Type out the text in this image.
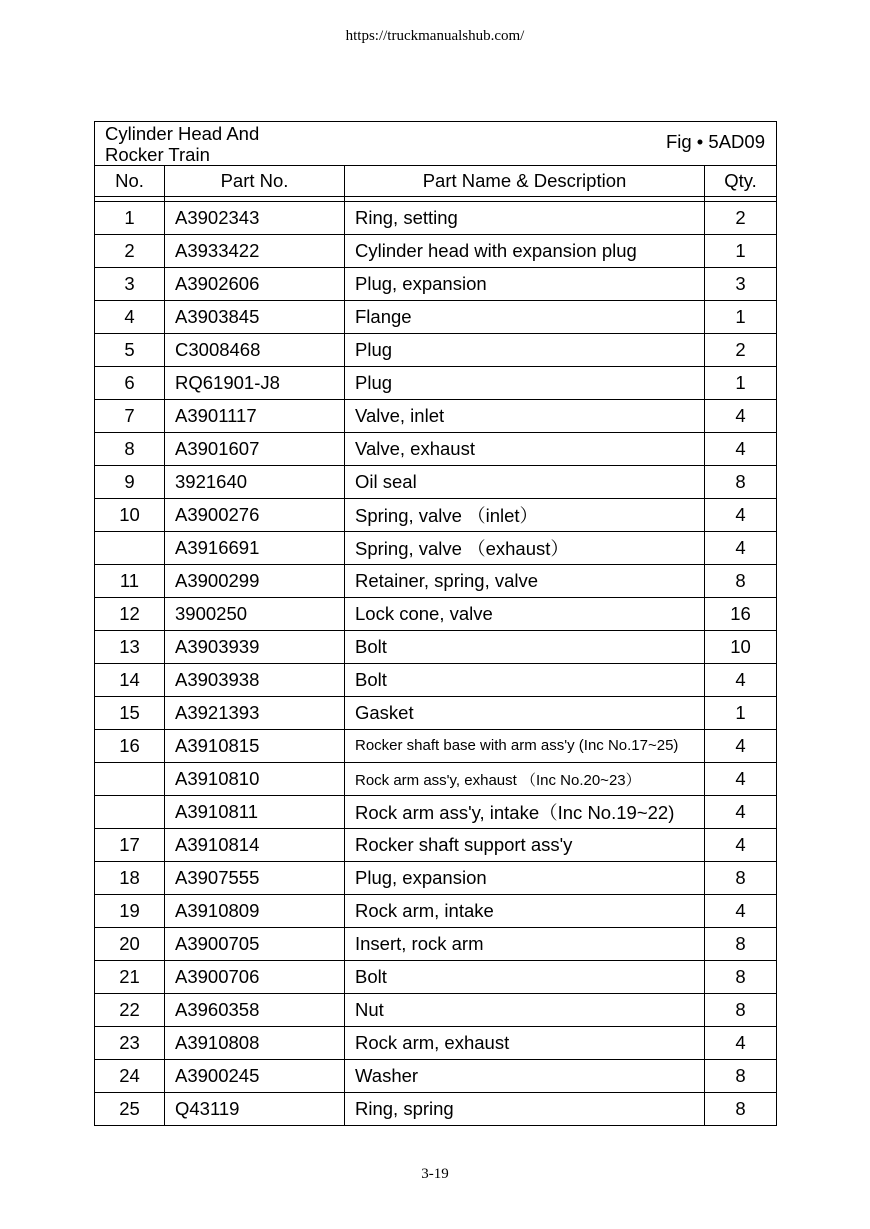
https://truckmanualshub.com/
Cylinder Head And
Rocker Train			

No.	Part No.	Part Name & Description	Qty.

1	A3902343	Ring, setting	2
2	A3933422	Cylinder head with expansion plug	1
3	A3902606	Plug, expansion	3
4	A3903845	Flange	1
5	C3008468	Plug	2
6	RQ61901-J8	Plug	1
7	A3901117	Valve, inlet	4
8	A3901607	Valve, exhaust	4
9	3921640	Oil seal	8
10	A3900276	Spring, valve （inlet）	4
	A3916691	Spring, valve （exhaust）	4
11	A3900299	Retainer, spring, valve	8
12	3900250	Lock cone, valve	16
13	A3903939	Bolt	10
14	A3903938	Bolt	4
15	A3921393	Gasket	1
16	A3910815	Rocker shaft base with arm ass'y (Inc No.17~25)	4
	A3910810	Rock arm ass'y, exhaust （Inc No.20~23）	4
	A3910811	Rock arm ass'y, intake（Inc No.19~22)	4
17	A3910814	Rocker shaft support ass'y	4
18	A3907555	Plug, expansion	8
19	A3910809	Rock arm, intake	4
20	A3900705	Insert, rock arm	8
21	A3900706	Bolt	8
22	A3960358	Nut	8
23	A3910808	Rock arm, exhaust	4
24	A3900245	Washer	8
25	Q43119	Ring, spring	8
Fig • 5AD09
3-19
